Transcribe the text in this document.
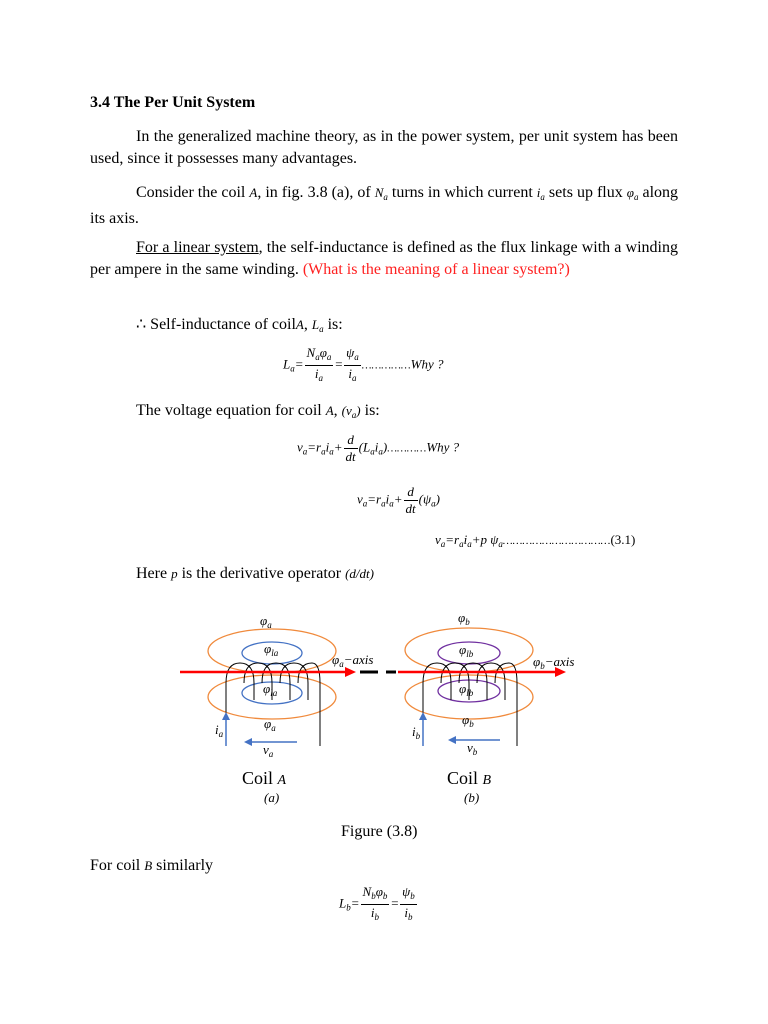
3.4 The Per Unit System
In the generalized machine theory, as in the power system, per unit system has been used, since it possesses many advantages.
Consider the coil A, in fig. 3.8 (a), of $N_a$ turns in which current $i_a$ sets up flux $\varphi_a$ along its axis.
For a linear system, the self-inductance is defined as the flux linkage with a winding per ampere in the same winding. (What is the meaning of a linear system?)
∴ Self-inductance of coilA, $L_a$ is:
$L_a= \frac{N_a\varphi_a}{i_a} = \frac{\psi_a}{i_a}$ ……………Why ?
The voltage equation for coil A, $(v_a)$ is:
$v_a=r_ai_a+ \frac{d}{dt}$ $(L_ai_a)\dots\dots\dots\dots Why$ ?
$v_a=r_ai_a+ \frac{d}{dt} (\psi_a)$
$v_a=r_ai_a+p$ $\psi_a\dots\dots\dots\dots\dots\dots\dots\dots\dots\dots\dots(3.1)$
Here p is the derivative operator (d/dt)
$\varphi_a$
$\varphi_{la}$	$\varphi_a-axis$
$\varphi_{la}$
$\varphi_a$
$i_a$
$v_a$
Coil A
(a)
$\varphi_b$
$\varphi_{lb}$	$\varphi_b-axis$
$\varphi_{lb}$
$\varphi_b$
$i_b$
$v_b$
Coil B
(b)
Figure (3.8)
For coil B similarly
$L_b= \frac{N_b\varphi_b}{i_b} = \frac{\psi_b}{i_b}$
